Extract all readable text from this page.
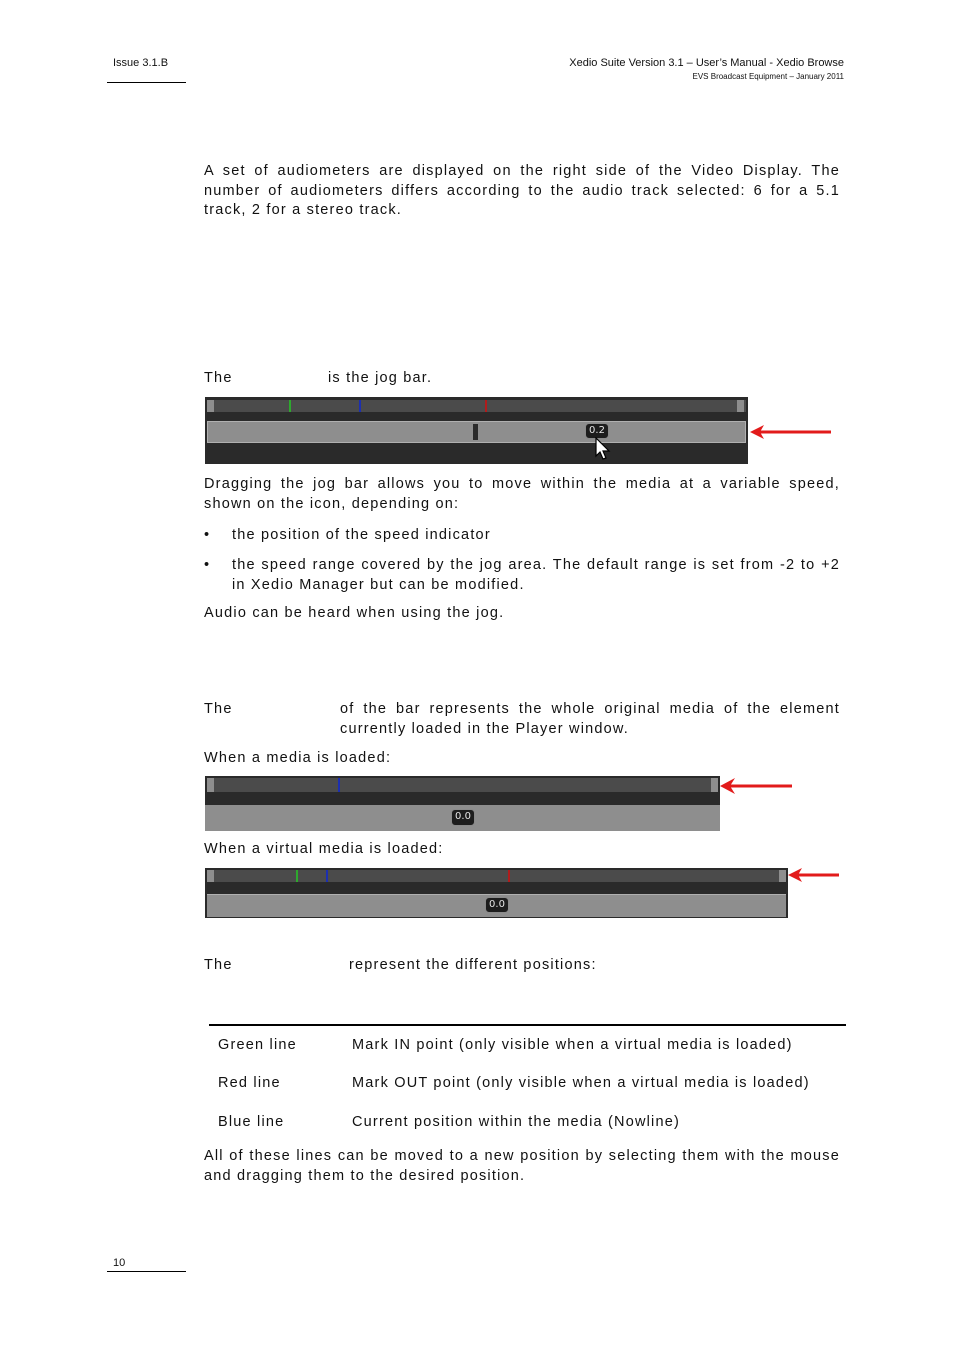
Issue 3.1.B	Xedio Suite Version 3.1 – User’s Manual - Xedio Browse
EVS Broadcast Equipment – January 2011
A set of audiometers are displayed on the right side of the Video Display. The number of audiometers differs according to the audio track selected: 6 for a 5.1 track, 2 for a stereo track.
The	is the jog bar.
0.2
Dragging the jog bar allows you to move within the media at a variable speed, shown on the icon, depending on:
• the position of the speed indicator
• the speed range covered by the jog area. The default range is set from -2 to +2 in Xedio Manager but can be modified.
Audio can be heard when using the jog.
The	of the bar represents the whole original media of the element currently loaded in the Player window.
When a media is loaded:
0.0
When a virtual media is loaded:
0.0
The	represent the different positions:
Green line	Mark IN point (only visible when a virtual media is loaded)
Red line	Mark OUT point (only visible when a virtual media is loaded)
Blue line	Current position within the media (Nowline)
All of these lines can be moved to a new position by selecting them with the mouse and dragging them to the desired position.
10
